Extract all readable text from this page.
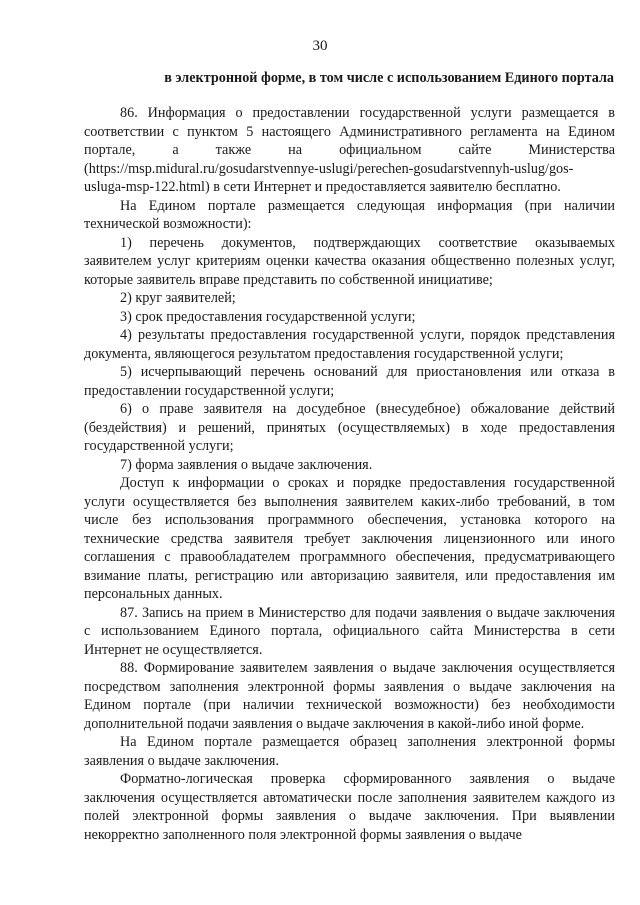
30
в электронной форме, в том числе с использованием Единого портала

86. Информация о предоставлении государственной услуги размещается в соответствии с пунктом 5 настоящего Административного регламента на Едином портале, а также на официальном сайте Министерства (https://msp.midural.ru/gosudarstvennye-uslugi/perechen-gosudarstvennyh-uslug/gos-usluga-msp-122.html) в сети Интернет и предоставляется заявителю бесплатно.

На Едином портале размещается следующая информация (при наличии технической возможности):

1) перечень документов, подтверждающих соответствие оказываемых заявителем услуг критериям оценки качества оказания общественно полезных услуг, которые заявитель вправе представить по собственной инициативе;

2) круг заявителей;

3) срок предоставления государственной услуги;

4) результаты предоставления государственной услуги, порядок представления документа, являющегося результатом предоставления государственной услуги;

5) исчерпывающий перечень оснований для приостановления или отказа в предоставлении государственной услуги;

6) о праве заявителя на досудебное (внесудебное) обжалование действий (бездействия) и решений, принятых (осуществляемых) в ходе предоставления государственной услуги;

7) форма заявления о выдаче заключения.

Доступ к информации о сроках и порядке предоставления государственной услуги осуществляется без выполнения заявителем каких-либо требований, в том числе без использования программного обеспечения, установка которого на технические средства заявителя требует заключения лицензионного или иного соглашения с правообладателем программного обеспечения, предусматривающего взимание платы, регистрацию или авторизацию заявителя, или предоставления им персональных данных.

87. Запись на прием в Министерство для подачи заявления о выдаче заключения с использованием Единого портала, официального сайта Министерства в сети Интернет не осуществляется.

88. Формирование заявителем заявления о выдаче заключения осуществляется посредством заполнения электронной формы заявления о выдаче заключения на Едином портале (при наличии технической возможности) без необходимости дополнительной подачи заявления о выдаче заключения в какой-либо иной форме.

На Едином портале размещается образец заполнения электронной формы заявления о выдаче заключения.

Форматно-логическая проверка сформированного заявления о выдаче заключения осуществляется автоматически после заполнения заявителем каждого из полей электронной формы заявления о выдаче заключения. При выявлении некорректно заполненного поля электронной формы заявления о выдаче
